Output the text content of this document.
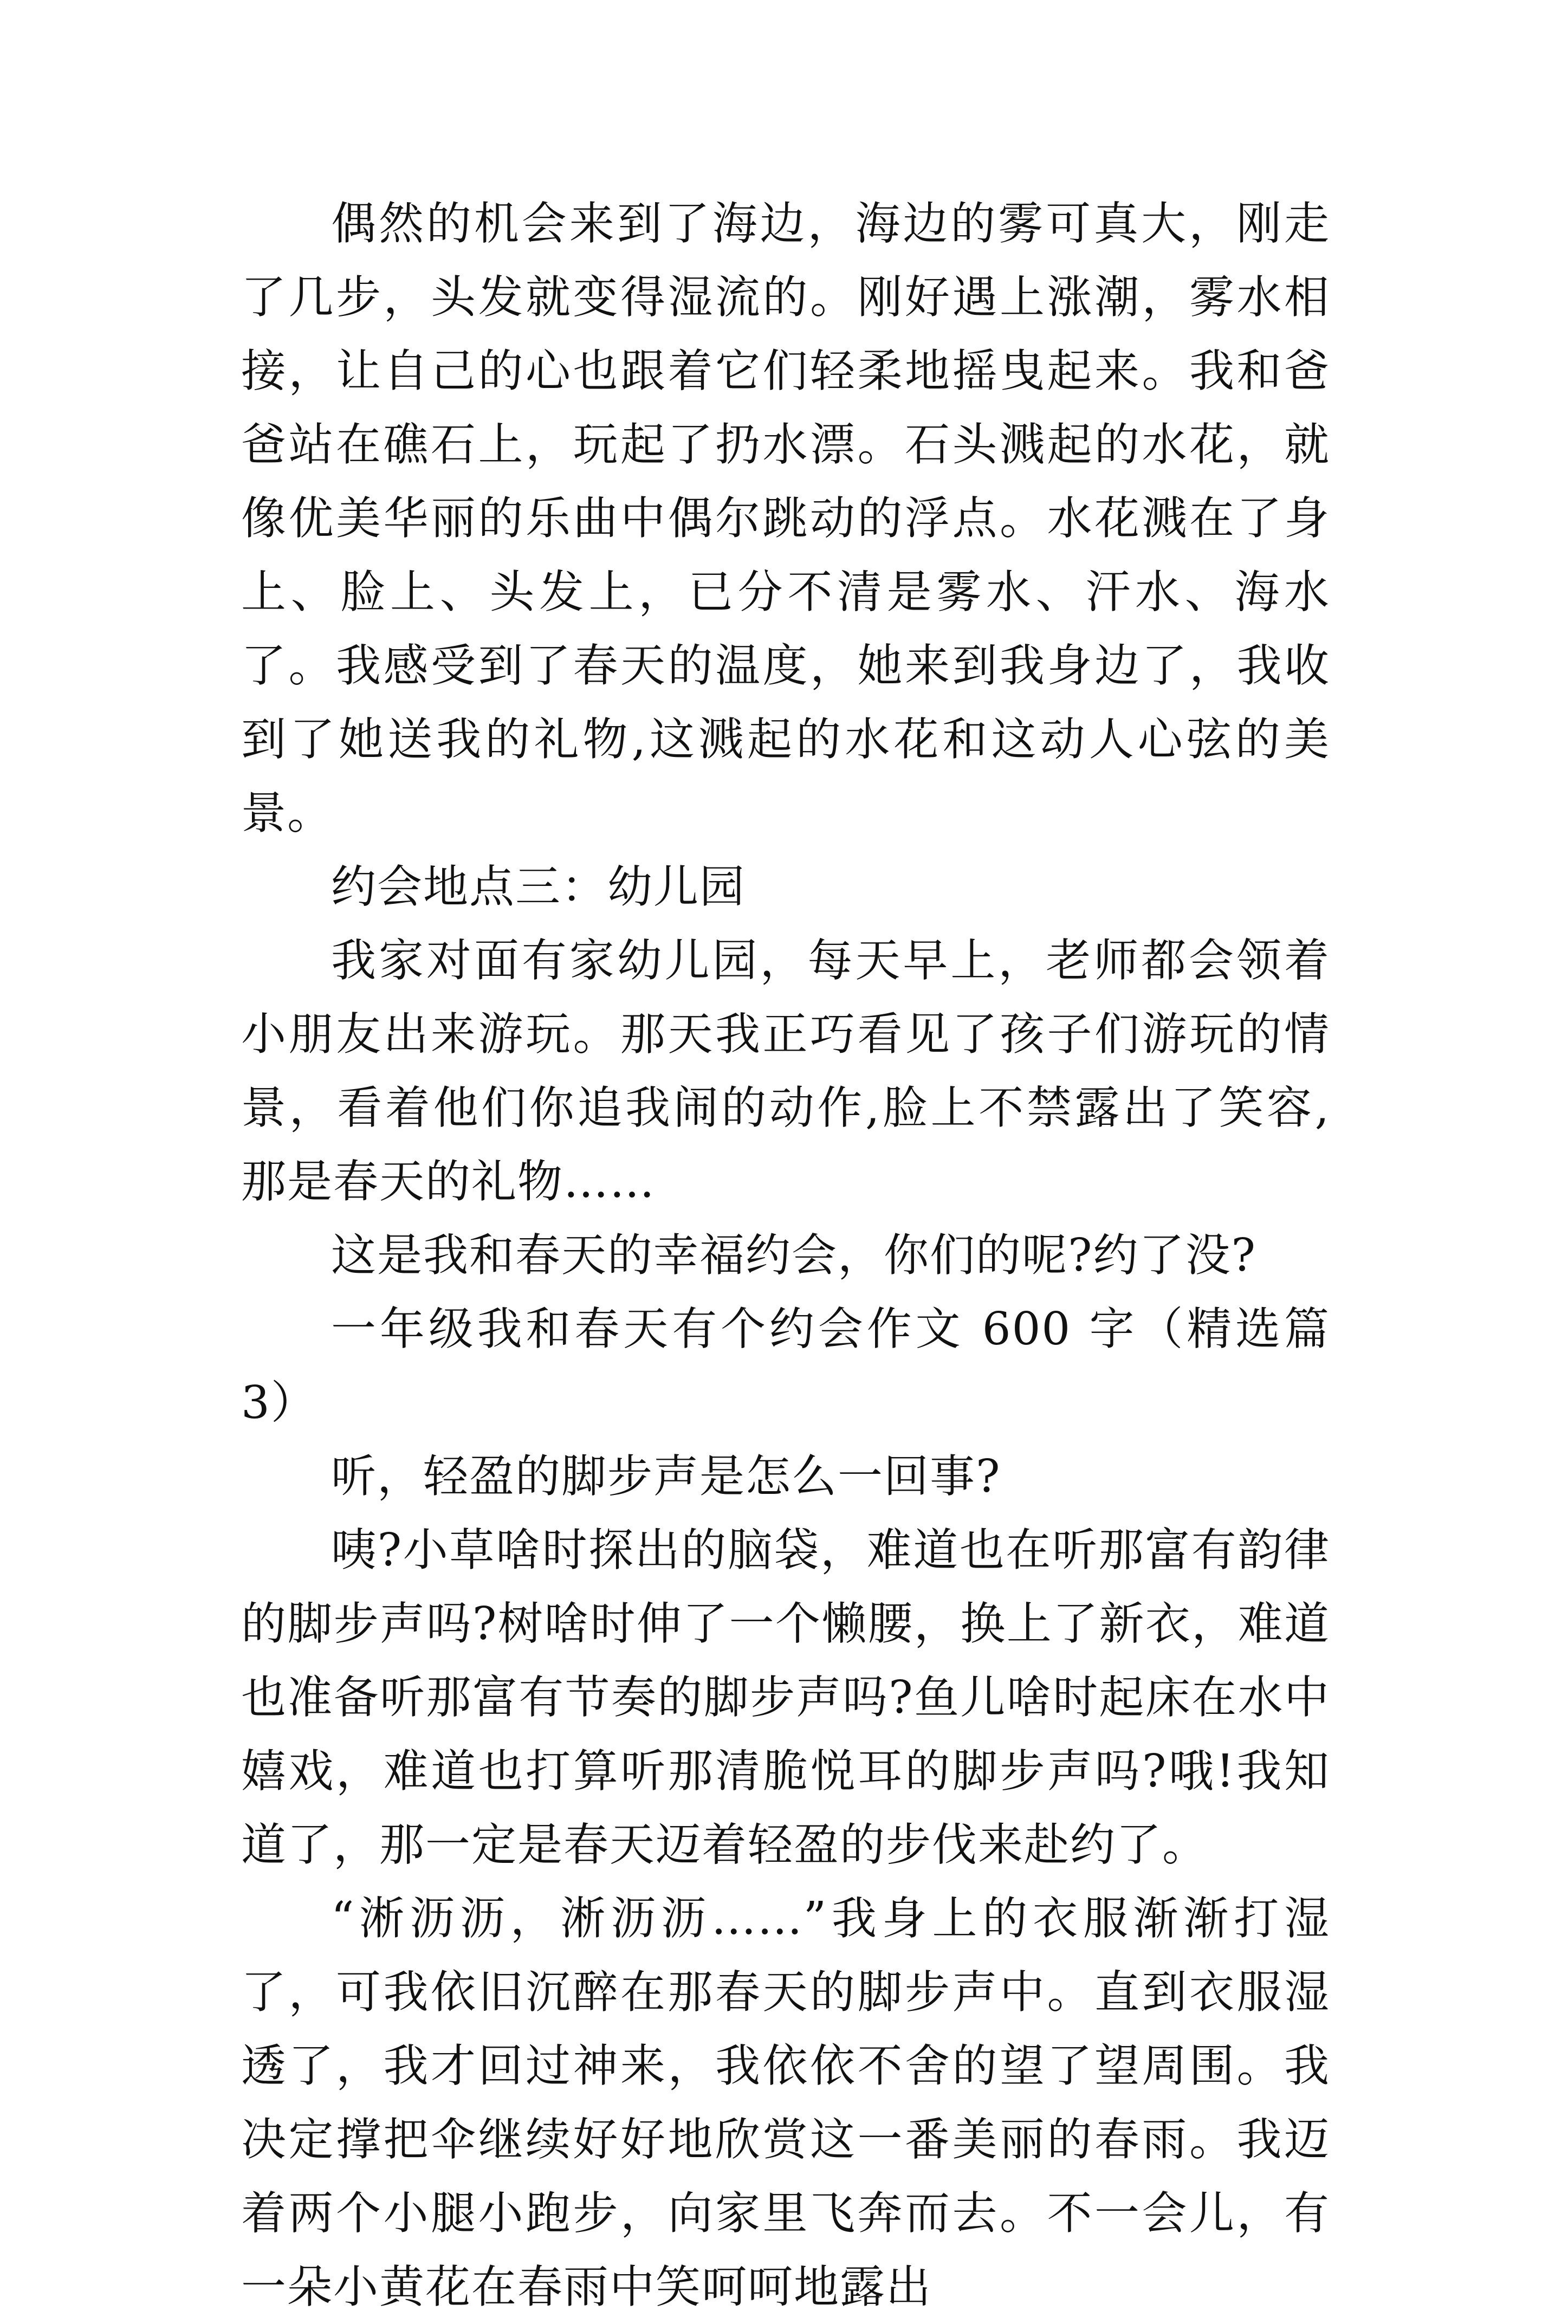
偶然的机会来到了海边，海边的雾可真大，刚走了几步，头发就变得湿流的。刚好遇上涨潮，雾水相接，让自己的心也跟着它们轻柔地摇曳起来。我和爸爸站在礁石上，玩起了扔水漂。石头溅起的水花，就像优美华丽的乐曲中偶尔跳动的浮点。水花溅在了身上、脸上、头发上，已分不清是雾水、汗水、海水了。我感受到了春天的温度，她来到我身边了，我收到了她送我的礼物,这溅起的水花和这动人心弦的美景。

约会地点三：幼儿园

我家对面有家幼儿园，每天早上，老师都会领着小朋友出来游玩。那天我正巧看见了孩子们游玩的情景，看着他们你追我闹的动作,脸上不禁露出了笑容,那是春天的礼物……

这是我和春天的幸福约会，你们的呢?约了没?

一年级我和春天有个约会作文 600 字（精选篇 3）

听，轻盈的脚步声是怎么一回事?

咦?小草啥时探出的脑袋，难道也在听那富有韵律的脚步声吗?树啥时伸了一个懒腰，换上了新衣，难道也准备听那富有节奏的脚步声吗?鱼儿啥时起床在水中嬉戏，难道也打算听那清脆悦耳的脚步声吗?哦!我知道了，那一定是春天迈着轻盈的步伐来赴约了。

“淅沥沥，淅沥沥……”我身上的衣服渐渐打湿了，可我依旧沉醉在那春天的脚步声中。直到衣服湿透了，我才回过神来，我依依不舍的望了望周围。我决定撑把伞继续好好地欣赏这一番美丽的春雨。我迈着两个小腿小跑步，向家里飞奔而去。不一会儿，有一朵小黄花在春雨中笑呵呵地露出
